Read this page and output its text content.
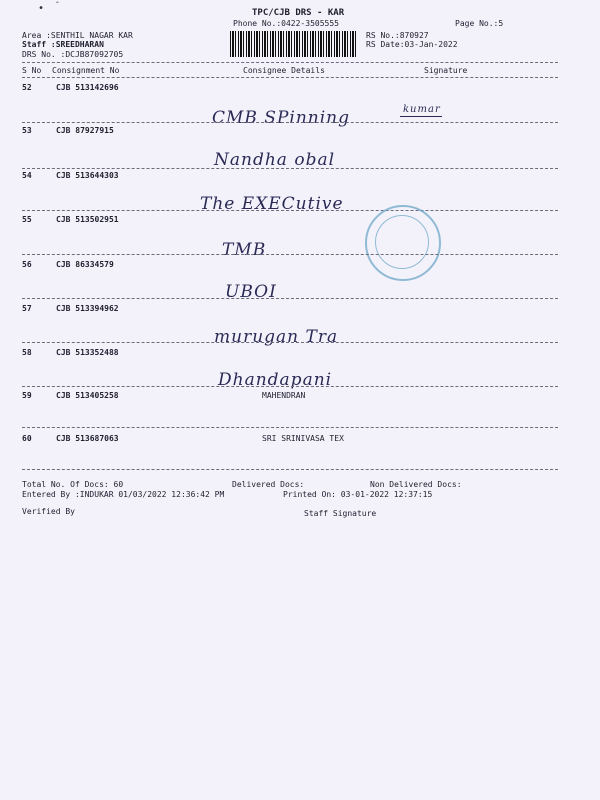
• ˆ
TPC/CJB DRS - KAR
Phone No.:0422-3505555	Page No.:5
Area :SENTHIL NAGAR KAR
Staff :SREEDHARAN
DRS No. :DCJB87092705
RS No.:870927
RS Date:03-Jan-2022
S No Consignment No	Consignee Details	Signature
52	CJB 513142696
CMB SPinning	kumar
53	CJB 87927915
Nandha obal
54	CJB 513644303
The EXECutive
55	CJB 513502951
TMB
56	CJB 86334579
UBOI
57	CJB 513394962
murugan Tra
58	CJB 513352488
Dhandapani
59	CJB 513405258	MAHENDRAN
60	CJB 513687063	SRI SRINIVASA TEX
Total No. Of Docs: 60	Delivered Docs:	Non Delivered Docs:
Entered By :INDUKAR 01/03/2022 12:36:42 PM	Printed On: 03-01-2022 12:37:15
Verified By	Staff Signature
